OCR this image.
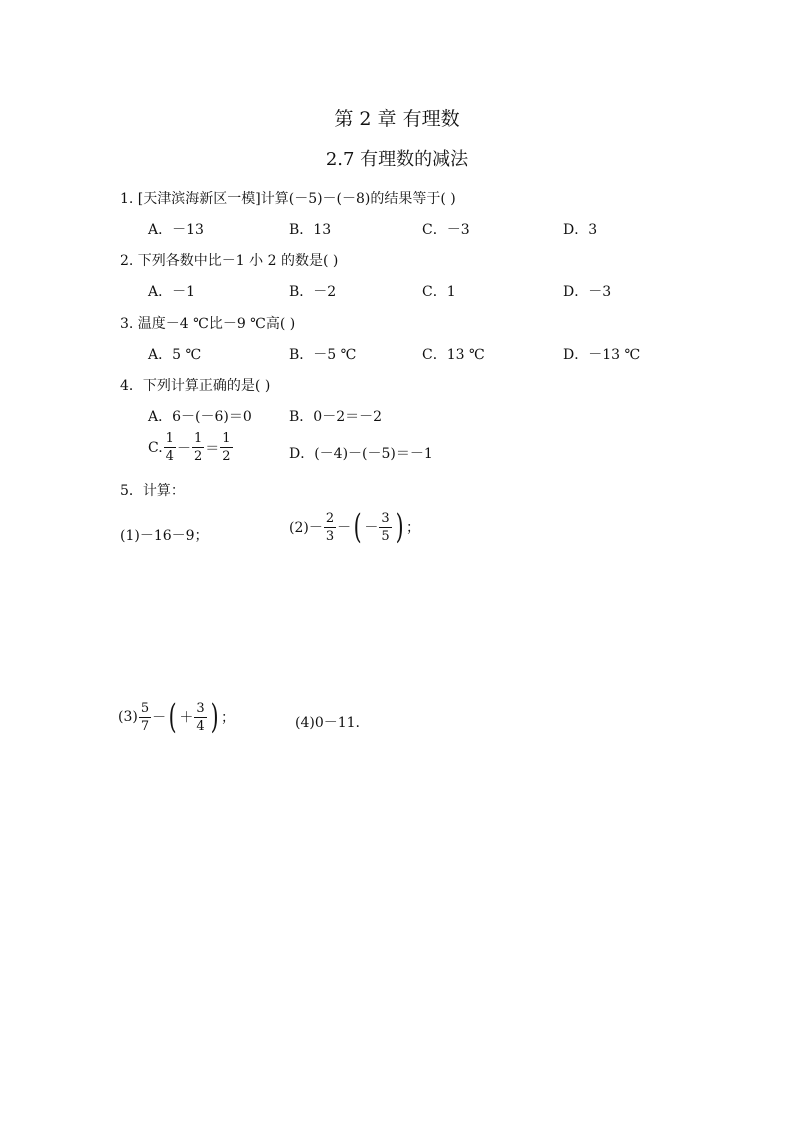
第 2 章 有理数
2.7 有理数的减法
1. [天津滨海新区一模]计算(－5)－(－8)的结果等于( )
A．－13	B．13	C．－3	D．3
2. 下列各数中比－1 小 2 的数是( )
A．－1	B．－2	C．1	D．－3
3. 温度－4 ℃比－9 ℃高( )
A．5 ℃	B．－5 ℃	C．13 ℃	D．－13 ℃
4．下列计算正确的是( )
A．6－(－6)＝0	B．0－2＝－2
C. $\frac{1}{4} - \frac{1}{2} = \frac{1}{2}$	D．(－4)－(－5)＝－1
5．计算：
(1)－16－9；	$(2)- \frac{2}{3}$ －( － $\frac{3}{5}$ ) ；
$(3) \frac{5}{7}$ －( ＋ $\frac{3}{4}$ ) ；	(4)0－11.
